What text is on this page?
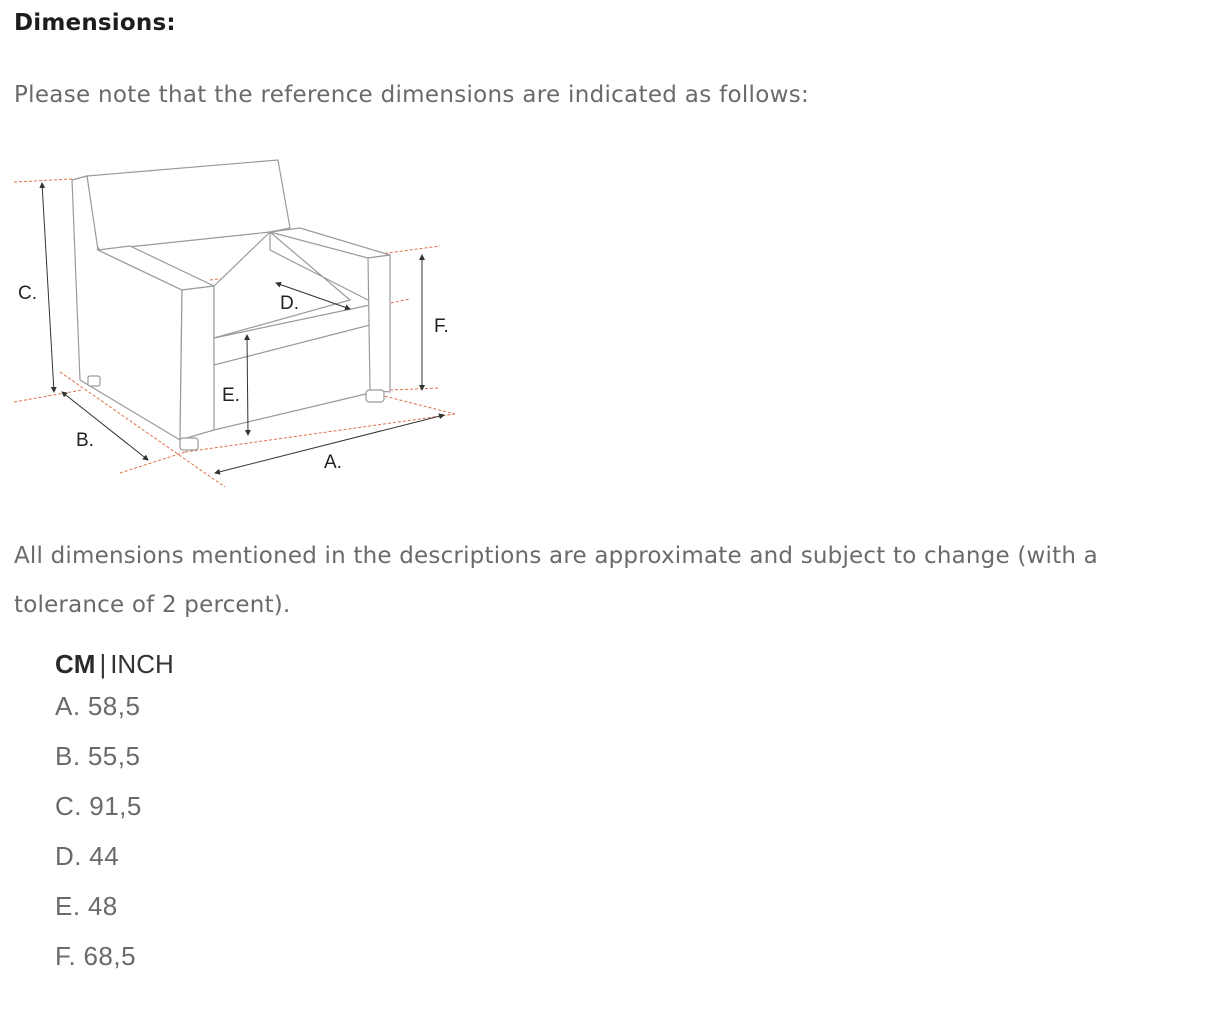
Dimensions:

Please note that the reference dimensions are indicated as follows:

C.
B.
A.
D.
E.
F.

All dimensions mentioned in the descriptions are approximate and subject to change (with a tolerance of 2 percent).

CM | INCH
A. 58,5
B. 55,5
C. 91,5
D. 44
E. 48
F. 68,5
